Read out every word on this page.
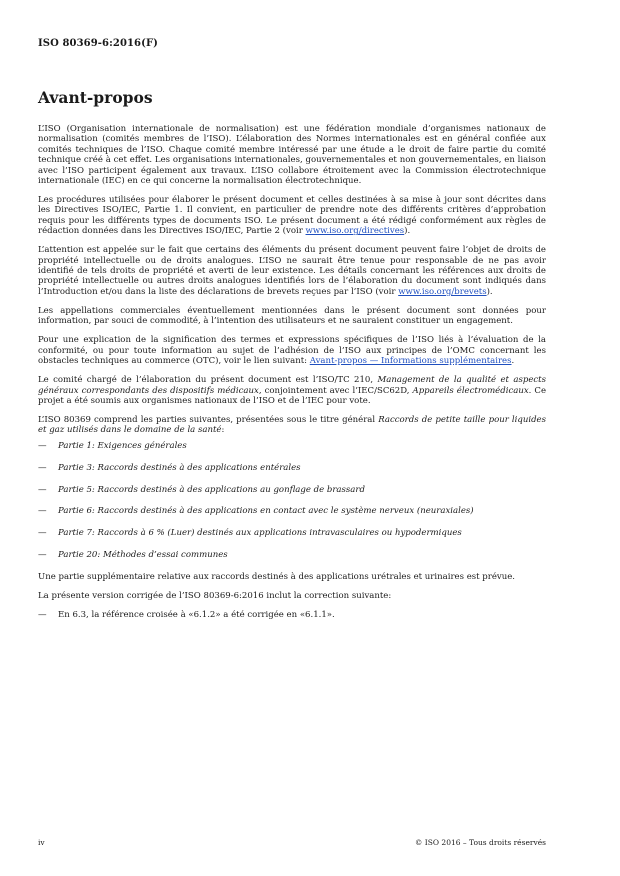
ISO 80369-6:2016(F)
Avant-propos

L’ISO (Organisation internationale de normalisation) est une fédération mondiale d’organismes nationaux de normalisation (comités membres de l’ISO). L’élaboration des Normes internationales est en général confiée aux comités techniques de l’ISO. Chaque comité membre intéressé par une étude a le droit de faire partie du comité technique créé à cet effet. Les organisations internationales, gouvernementales et non gouvernementales, en liaison avec l’ISO participent également aux travaux. L’ISO collabore étroitement avec la Commission électrotechnique internationale (IEC) en ce qui concerne la normalisation électrotechnique.

Les procédures utilisées pour élaborer le présent document et celles destinées à sa mise à jour sont décrites dans les Directives ISO/IEC, Partie 1. Il convient, en particulier de prendre note des différents critères d’approbation requis pour les différents types de documents ISO. Le présent document a été rédigé conformément aux règles de rédaction données dans les Directives ISO/IEC, Partie 2 (voir www.iso.org/directives).

L’attention est appelée sur le fait que certains des éléments du présent document peuvent faire l’objet de droits de propriété intellectuelle ou de droits analogues. L’ISO ne saurait être tenue pour responsable de ne pas avoir identifié de tels droits de propriété et averti de leur existence. Les détails concernant les références aux droits de propriété intellectuelle ou autres droits analogues identifiés lors de l’élaboration du document sont indiqués dans l’Introduction et/ou dans la liste des déclarations de brevets reçues par l’ISO (voir www.iso.org/brevets).

Les appellations commerciales éventuellement mentionnées dans le présent document sont données pour information, par souci de commodité, à l’intention des utilisateurs et ne sauraient constituer un engagement.

Pour une explication de la signification des termes et expressions spécifiques de l’ISO liés à l’évaluation de la conformité, ou pour toute information au sujet de l’adhésion de l’ISO aux principes de l’OMC concernant les obstacles techniques au commerce (OTC), voir le lien suivant: Avant-propos — Informations supplémentaires.

Le comité chargé de l’élaboration du présent document est l’ISO/TC 210, Management de la qualité et aspects généraux correspondants des dispositifs médicaux, conjointement avec l’IEC/SC62D, Appareils électromédicaux. Ce projet a été soumis aux organismes nationaux de l’ISO et de l’IEC pour vote.

L’ISO 80369 comprend les parties suivantes, présentées sous le titre général Raccords de petite taille pour liquides et gaz utilisés dans le domaine de la santé:

— Partie 1: Exigences générales
— Partie 3: Raccords destinés à des applications entérales
— Partie 5: Raccords destinés à des applications au gonflage de brassard
— Partie 6: Raccords destinés à des applications en contact avec le système nerveux (neuraxiales)
— Partie 7: Raccords à 6 % (Luer) destinés aux applications intravasculaires ou hypodermiques
— Partie 20: Méthodes d’essai communes

Une partie supplémentaire relative aux raccords destinés à des applications urétrales et urinaires est prévue.

La présente version corrigée de l’ISO 80369-6:2016 inclut la correction suivante:

— En 6.3, la référence croisée à «6.1.2» a été corrigée en «6.1.1».
iv	© ISO 2016 – Tous droits réservés
